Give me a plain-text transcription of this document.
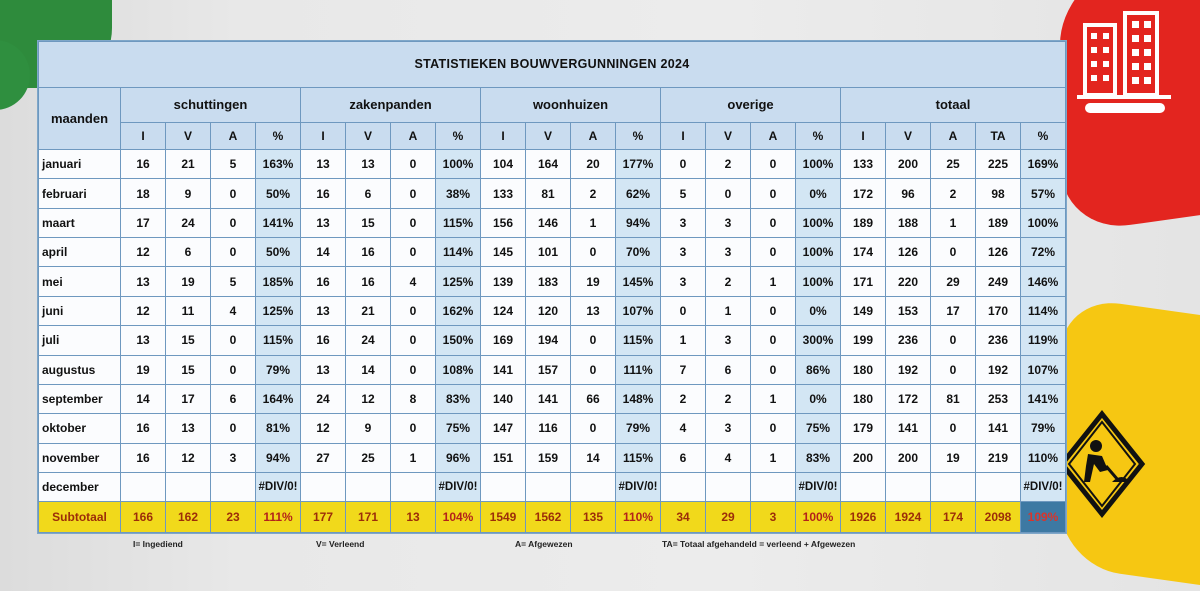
STATISTIEKEN BOUWVERGUNNINGEN 2024																					
maanden	schuttingen				zakenpanden				woonhuizen				overige				totaal				
	I	V	A	%	I	V	A	%	I	V	A	%	I	V	A	%	I	V	A	TA	%
januari	16	21	5	163%	13	13	0	100%	104	164	20	177%	0	2	0	100%	133	200	25	225	169%
februari	18	9	0	50%	16	6	0	38%	133	81	2	62%	5	0	0	0%	172	96	2	98	57%
maart	17	24	0	141%	13	15	0	115%	156	146	1	94%	3	3	0	100%	189	188	1	189	100%
april	12	6	0	50%	14	16	0	114%	145	101	0	70%	3	3	0	100%	174	126	0	126	72%
mei	13	19	5	185%	16	16	4	125%	139	183	19	145%	3	2	1	100%	171	220	29	249	146%
juni	12	11	4	125%	13	21	0	162%	124	120	13	107%	0	1	0	0%	149	153	17	170	114%
juli	13	15	0	115%	16	24	0	150%	169	194	0	115%	1	3	0	300%	199	236	0	236	119%
augustus	19	15	0	79%	13	14	0	108%	141	157	0	111%	7	6	0	86%	180	192	0	192	107%
september	14	17	6	164%	24	12	8	83%	140	141	66	148%	2	2	1	0%	180	172	81	253	141%
oktober	16	13	0	81%	12	9	0	75%	147	116	0	79%	4	3	0	75%	179	141	0	141	79%
november	16	12	3	94%	27	25	1	96%	151	159	14	115%	6	4	1	83%	200	200	19	219	110%
december				#DIV/0!				#DIV/0!				#DIV/0!				#DIV/0!					#DIV/0!
Subtotaal	166	162	23	111%	177	171	13	104%	1549	1562	135	110%	34	29	3	100%	1926	1924	174	2098	109%
I= Ingediend	V= Verleend	A= Afgewezen	TA= Totaal afgehandeld = verleend + Afgewezen
